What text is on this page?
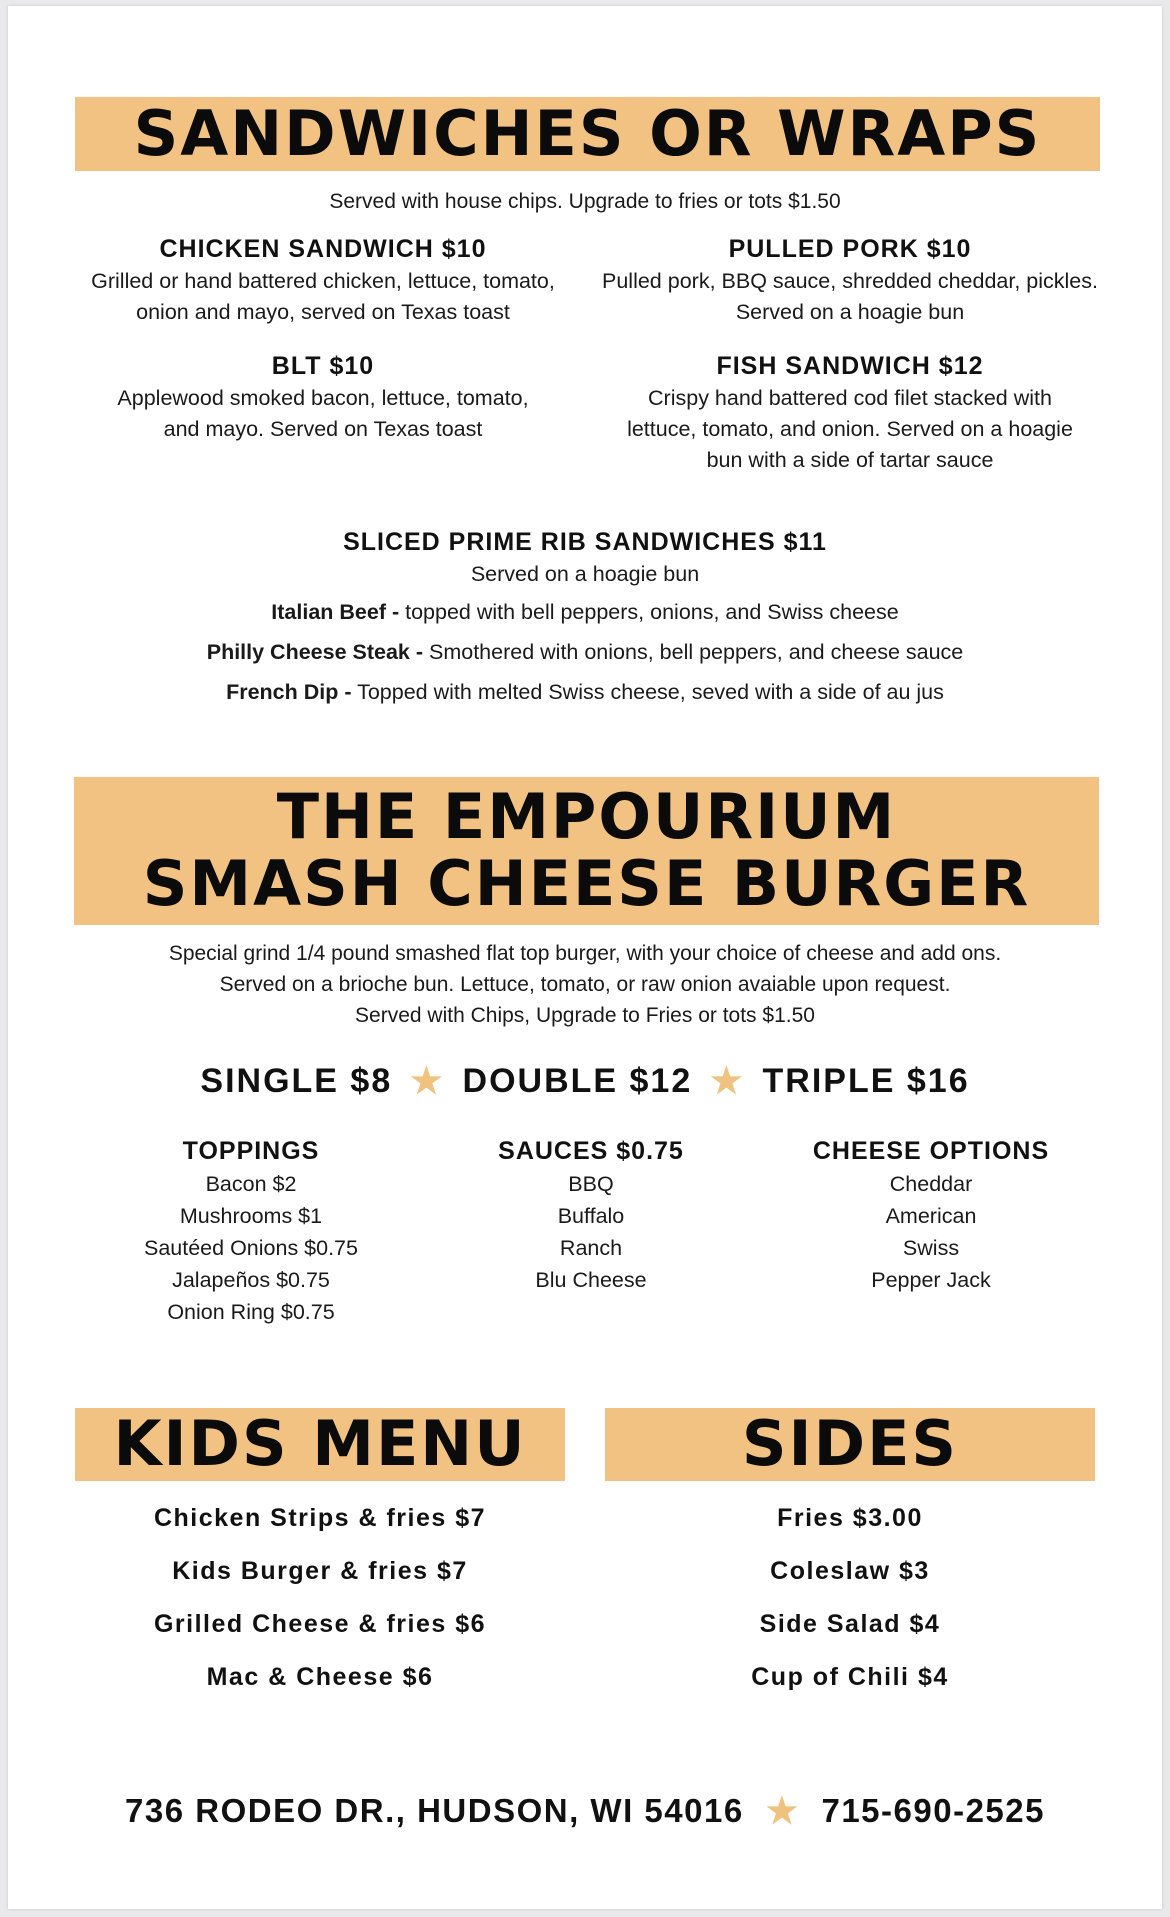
SANDWICHES OR WRAPS
Served with house chips. Upgrade to fries or tots $1.50
CHICKEN SANDWICH $10
Grilled or hand battered chicken, lettuce, tomato,
onion and mayo, served on Texas toast
PULLED PORK $10
Pulled pork, BBQ sauce, shredded cheddar, pickles.
Served on a hoagie bun
BLT $10
Applewood smoked bacon, lettuce, tomato,
and mayo. Served on Texas toast
FISH SANDWICH $12
Crispy hand battered cod filet stacked with
lettuce, tomato, and onion. Served on a hoagie
bun with a side of tartar sauce
SLICED PRIME RIB SANDWICHES $11
Served on a hoagie bun
Italian Beef - topped with bell peppers, onions, and Swiss cheese
Philly Cheese Steak - Smothered with onions, bell peppers, and cheese sauce
French Dip - Topped with melted Swiss cheese, seved with a side of au jus
THE EMPOURIUM
SMASH CHEESE BURGER
Special grind 1/4 pound smashed flat top burger, with your choice of cheese and add ons.
Served on a brioche bun. Lettuce, tomato, or raw onion avaiable upon request.
Served with Chips, Upgrade to Fries or tots $1.50
SINGLE $8 ★ DOUBLE $12 ★ TRIPLE $16
TOPPINGS
Bacon $2
Mushrooms $1
Sautéed Onions $0.75
Jalapeños $0.75
Onion Ring $0.75
SAUCES $0.75
BBQ
Buffalo
Ranch
Blu Cheese
CHEESE OPTIONS
Cheddar
American
Swiss
Pepper Jack
KIDS MENU
Chicken Strips & fries $7
Kids Burger & fries $7
Grilled Cheese & fries $6
Mac & Cheese $6
SIDES
Fries $3.00
Coleslaw $3
Side Salad $4
Cup of Chili $4
736 RODEO DR., HUDSON, WI 54016 ★ 715-690-2525
